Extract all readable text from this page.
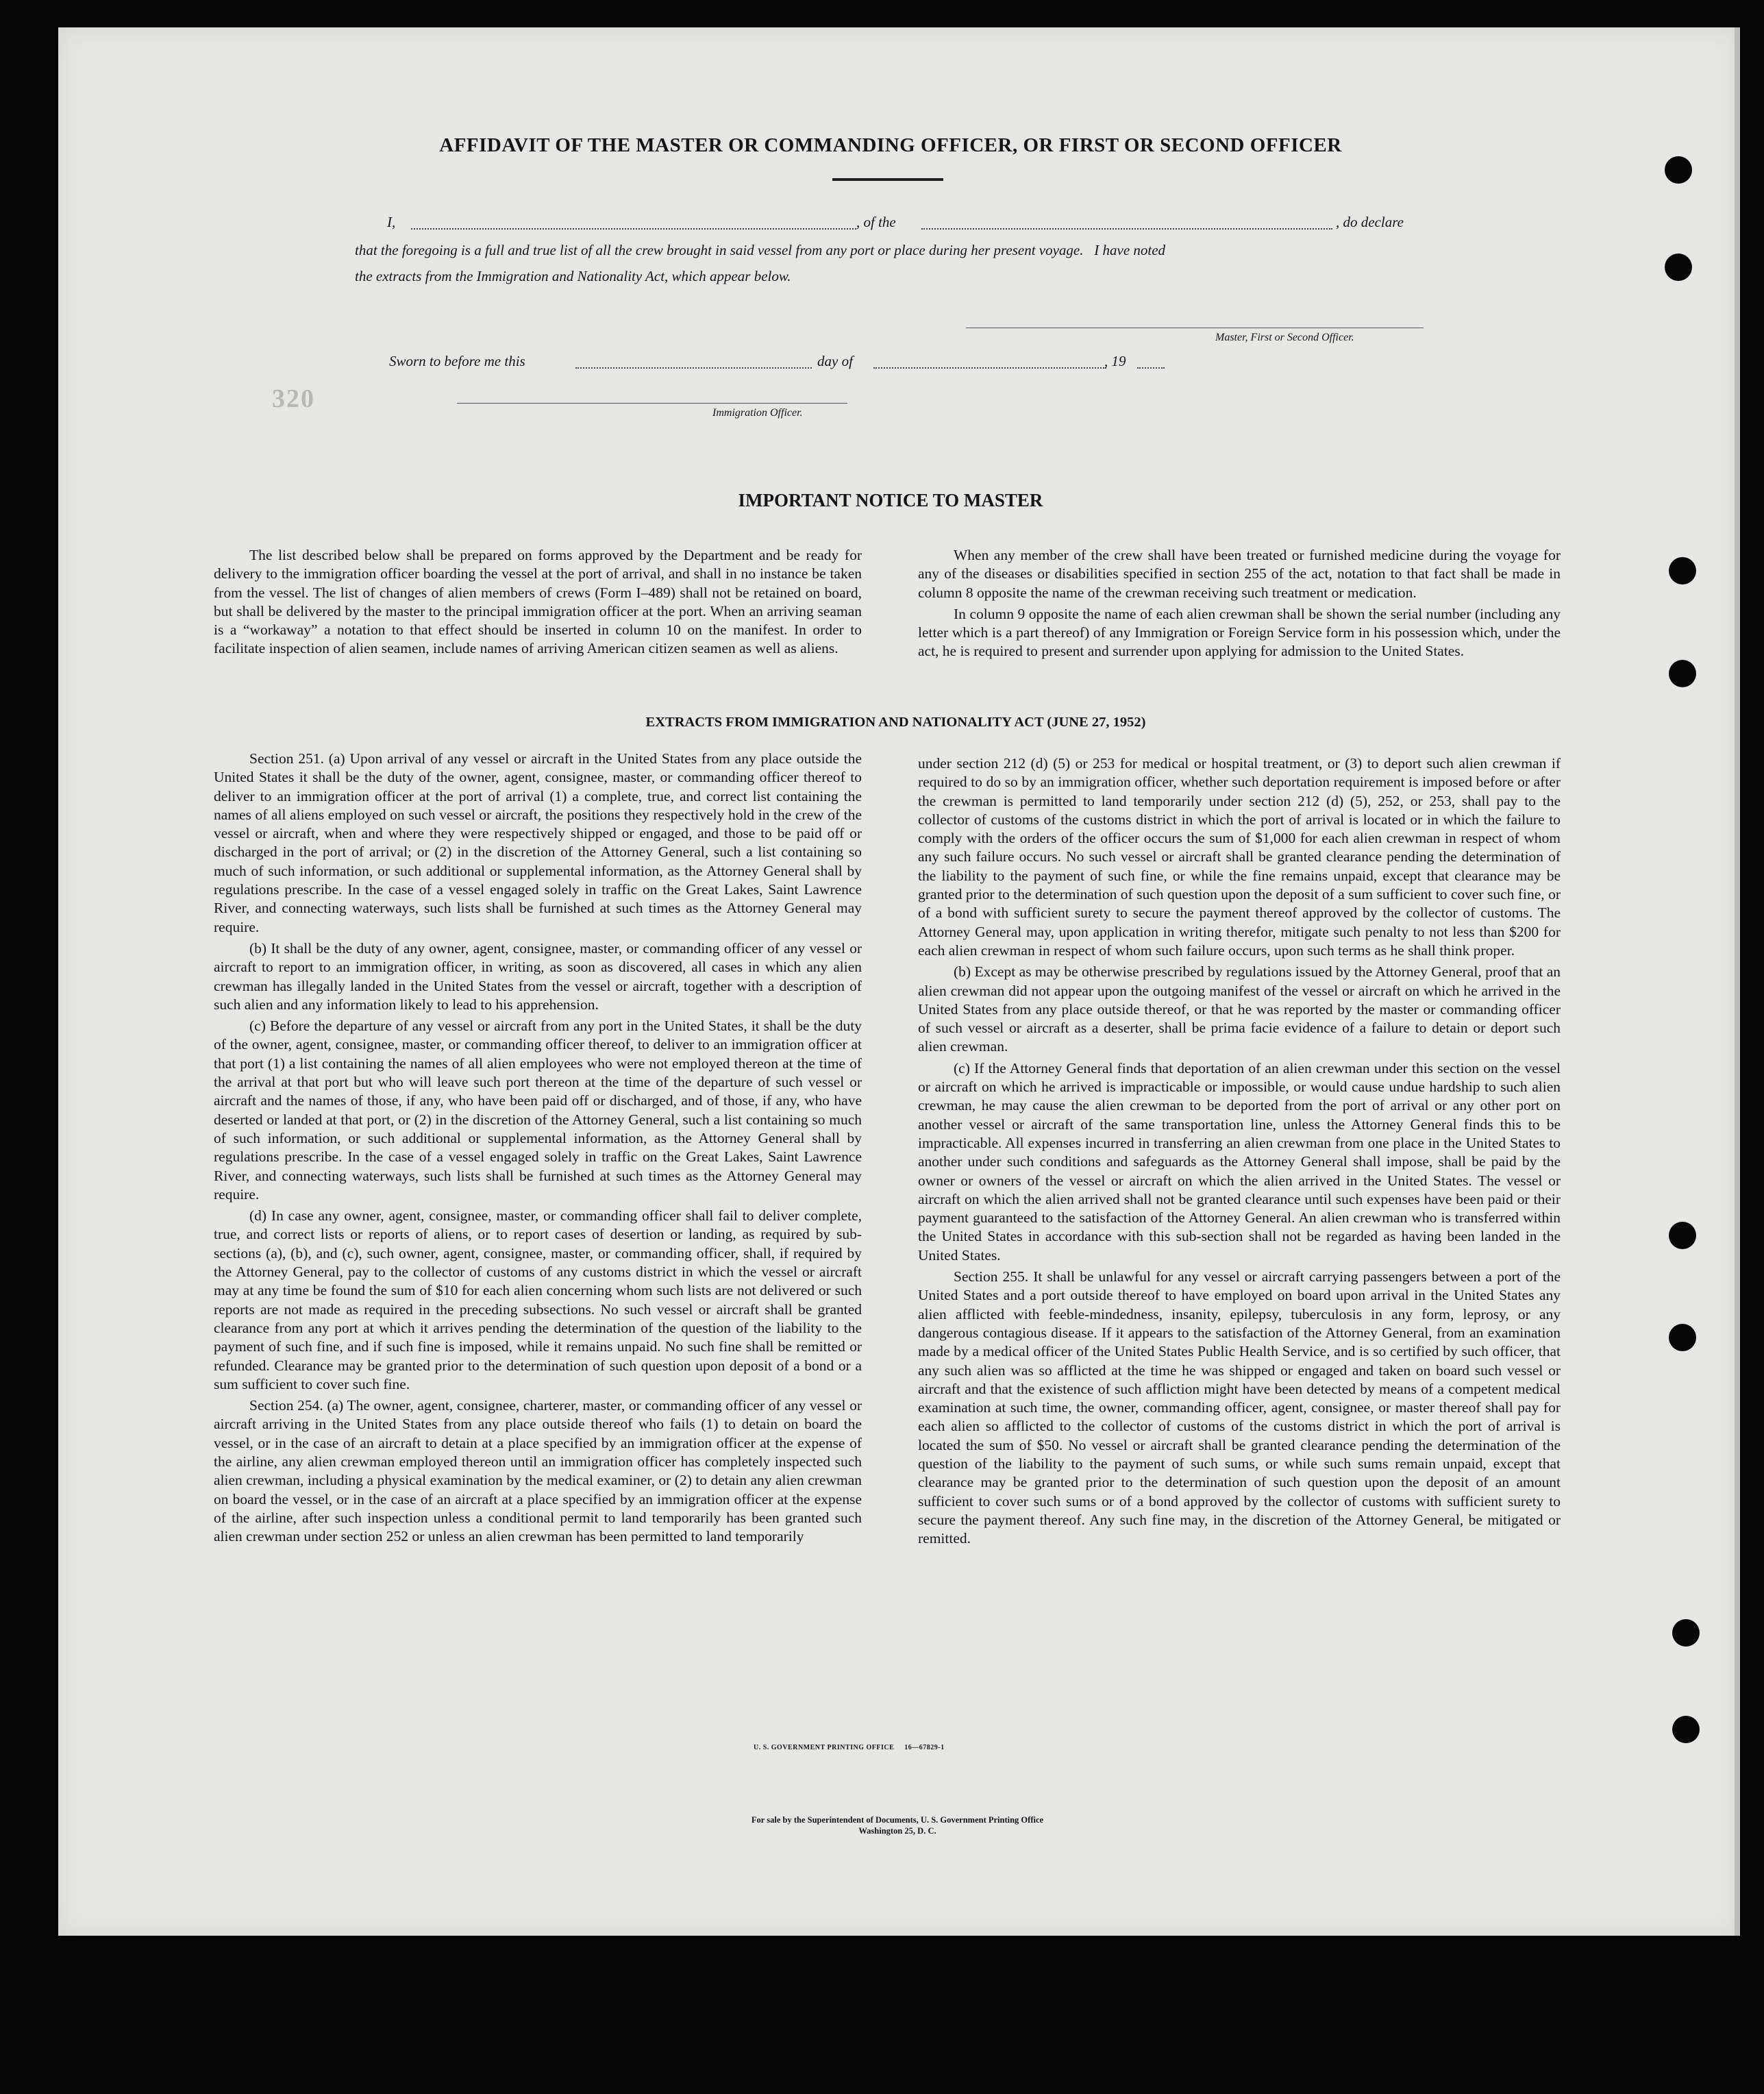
320
AFFIDAVIT OF THE MASTER OR COMMANDING OFFICER, OR FIRST OR SECOND OFFICER
I,	, of the	, do declare
that the foregoing is a full and true list of all the crew brought in said vessel from any port or place during her present voyage.   I have noted
the extracts from the Immigration and Nationality Act, which appear below.
Master, First or Second Officer.
Sworn to before me this	day of	, 19
Immigration Officer.
IMPORTANT NOTICE TO MASTER

The list described below shall be prepared on forms approved by the Department and be ready for delivery to the immigration officer boarding the vessel at the port of arrival, and shall in no instance be taken from the vessel. The list of changes of alien members of crews (Form I–489) shall not be retained on board, but shall be delivered by the master to the principal immigration officer at the port. When an arriving seaman is a “workaway” a notation to that effect should be inserted in column 10 on the manifest. In order to facilitate inspection of alien seamen, include names of arriving American citizen seamen as well as aliens.

When any member of the crew shall have been treated or furnished medicine during the voyage for any of the diseases or disabilities specified in section 255 of the act, notation to that fact shall be made in column 8 opposite the name of the crewman receiving such treatment or medication.

In column 9 opposite the name of each alien crewman shall be shown the serial number (including any letter which is a part thereof) of any Immigration or Foreign Service form in his possession which, under the act, he is required to present and surrender upon applying for admission to the United States.

EXTRACTS FROM IMMIGRATION AND NATIONALITY ACT (JUNE 27, 1952)

Section 251. (a) Upon arrival of any vessel or aircraft in the United States from any place outside the United States it shall be the duty of the owner, agent, consignee, master, or commanding officer thereof to deliver to an immigration officer at the port of arrival (1) a complete, true, and correct list containing the names of all aliens employed on such vessel or aircraft, the positions they respectively hold in the crew of the vessel or aircraft, when and where they were respectively shipped or engaged, and those to be paid off or discharged in the port of arrival; or (2) in the discretion of the Attorney General, such a list containing so much of such information, or such additional or supplemental information, as the Attorney General shall by regulations prescribe. In the case of a vessel engaged solely in traffic on the Great Lakes, Saint Lawrence River, and connecting waterways, such lists shall be furnished at such times as the Attorney General may require.

(b) It shall be the duty of any owner, agent, consignee, master, or commanding officer of any vessel or aircraft to report to an immigration officer, in writing, as soon as discovered, all cases in which any alien crewman has illegally landed in the United States from the vessel or aircraft, together with a description of such alien and any information likely to lead to his apprehension.

(c) Before the departure of any vessel or aircraft from any port in the United States, it shall be the duty of the owner, agent, consignee, master, or commanding officer thereof, to deliver to an immigration officer at that port (1) a list containing the names of all alien employees who were not employed thereon at the time of the arrival at that port but who will leave such port thereon at the time of the departure of such vessel or aircraft and the names of those, if any, who have been paid off or discharged, and of those, if any, who have deserted or landed at that port, or (2) in the discretion of the Attorney General, such a list containing so much of such information, or such additional or supplemental information, as the Attorney General shall by regulations prescribe. In the case of a vessel engaged solely in traffic on the Great Lakes, Saint Lawrence River, and connecting waterways, such lists shall be furnished at such times as the Attorney General may require.

(d) In case any owner, agent, consignee, master, or commanding officer shall fail to deliver complete, true, and correct lists or reports of aliens, or to report cases of desertion or landing, as required by sub-sections (a), (b), and (c), such owner, agent, consignee, master, or commanding officer, shall, if required by the Attorney General, pay to the collector of customs of any customs district in which the vessel or aircraft may at any time be found the sum of $10 for each alien concerning whom such lists are not delivered or such reports are not made as required in the preceding subsections. No such vessel or aircraft shall be granted clearance from any port at which it arrives pending the determination of the question of the liability to the payment of such fine, and if such fine is imposed, while it remains unpaid. No such fine shall be remitted or refunded. Clearance may be granted prior to the determination of such question upon deposit of a bond or a sum sufficient to cover such fine.

Section 254. (a) The owner, agent, consignee, charterer, master, or commanding officer of any vessel or aircraft arriving in the United States from any place outside thereof who fails (1) to detain on board the vessel, or in the case of an aircraft to detain at a place specified by an immigration officer at the expense of the airline, any alien crewman employed thereon until an immigration officer has completely inspected such alien crewman, including a physical examination by the medical examiner, or (2) to detain any alien crewman on board the vessel, or in the case of an aircraft at a place specified by an immigration officer at the expense of the airline, after such inspection unless a conditional permit to land temporarily has been granted such alien crewman under section 252 or unless an alien crewman has been permitted to land temporarily

under section 212 (d) (5) or 253 for medical or hospital treatment, or (3) to deport such alien crewman if required to do so by an immigration officer, whether such deportation requirement is imposed before or after the crewman is permitted to land temporarily under section 212 (d) (5), 252, or 253, shall pay to the collector of customs of the customs district in which the port of arrival is located or in which the failure to comply with the orders of the officer occurs the sum of $1,000 for each alien crewman in respect of whom any such failure occurs. No such vessel or aircraft shall be granted clearance pending the determination of the liability to the payment of such fine, or while the fine remains unpaid, except that clearance may be granted prior to the determination of such question upon the deposit of a sum sufficient to cover such fine, or of a bond with sufficient surety to secure the payment thereof approved by the collector of customs. The Attorney General may, upon application in writing therefor, mitigate such penalty to not less than $200 for each alien crewman in respect of whom such failure occurs, upon such terms as he shall think proper.

(b) Except as may be otherwise prescribed by regulations issued by the Attorney General, proof that an alien crewman did not appear upon the outgoing manifest of the vessel or aircraft on which he arrived in the United States from any place outside thereof, or that he was reported by the master or commanding officer of such vessel or aircraft as a deserter, shall be prima facie evidence of a failure to detain or deport such alien crewman.

(c) If the Attorney General finds that deportation of an alien crewman under this section on the vessel or aircraft on which he arrived is impracticable or impossible, or would cause undue hardship to such alien crewman, he may cause the alien crewman to be deported from the port of arrival or any other port on another vessel or aircraft of the same transportation line, unless the Attorney General finds this to be impracticable. All expenses incurred in transferring an alien crewman from one place in the United States to another under such conditions and safeguards as the Attorney General shall impose, shall be paid by the owner or owners of the vessel or aircraft on which the alien arrived in the United States. The vessel or aircraft on which the alien arrived shall not be granted clearance until such expenses have been paid or their payment guaranteed to the satisfaction of the Attorney General. An alien crewman who is transferred within the United States in accordance with this sub-section shall not be regarded as having been landed in the United States.

Section 255. It shall be unlawful for any vessel or aircraft carrying passengers between a port of the United States and a port outside thereof to have employed on board upon arrival in the United States any alien afflicted with feeble-mindedness, insanity, epilepsy, tuberculosis in any form, leprosy, or any dangerous contagious disease. If it appears to the satisfaction of the Attorney General, from an examination made by a medical officer of the United States Public Health Service, and is so certified by such officer, that any such alien was so afflicted at the time he was shipped or engaged and taken on board such vessel or aircraft and that the existence of such affliction might have been detected by means of a competent medical examination at such time, the owner, commanding officer, agent, consignee, or master thereof shall pay for each alien so afflicted to the collector of customs of the customs district in which the port of arrival is located the sum of $50. No vessel or aircraft shall be granted clearance pending the determination of the question of the liability to the payment of such sums, or while such sums remain unpaid, except that clearance may be granted prior to the determination of such question upon the deposit of an amount sufficient to cover such sums or of a bond approved by the collector of customs with sufficient surety to secure the payment thereof. Any such fine may, in the discretion of the Attorney General, be mitigated or remitted.

U. S. GOVERNMENT PRINTING OFFICE     16—67829-1
For sale by the Superintendent of Documents, U. S. Government Printing Office
Washington 25, D. C.
